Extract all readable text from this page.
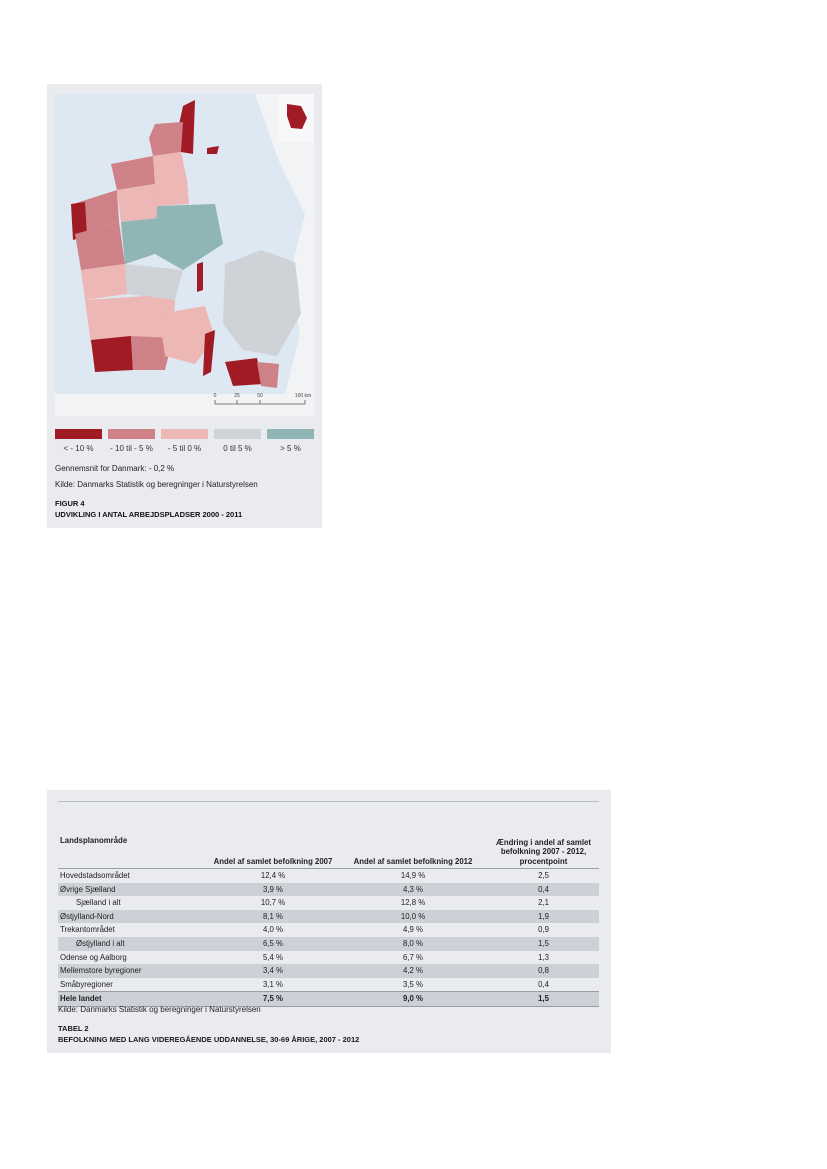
0	25	50	100 km
< - 10 %	- 10 til - 5 %	- 5 til 0 %	0 til 5 %	> 5 %
Gennemsnit for Danmark: - 0,2 %
Kilde: Danmarks Statistik og beregninger i Naturstyrelsen
FIGUR 4
UDVIKLING I ANTAL ARBEJDSPLADSER 2000 - 2011
Landsplanområde	Andel af samlet befolkning 2007	Andel af samlet befolkning 2012	Ændring i andel af samlet befolkning 2007 - 2012, procentpoint
Hovedstadsområdet	12,4 %	14,9 %	2,5
Øvrige Sjælland	3,9 %	4,3 %	0,4
Sjælland i alt	10,7 %	12,8 %	2,1
Østjylland-Nord	8,1 %	10,0 %	1,9
Trekantområdet	4,0 %	4,9 %	0,9
Østjylland i alt	6,5 %	8,0 %	1,5
Odense og Aalborg	5,4 %	6,7 %	1,3
Mellemstore byregioner	3,4 %	4,2 %	0,8
Småbyregioner	3,1 %	3,5 %	0,4
Hele landet	7,5 %	9,0 %	1,5
Kilde: Danmarks Statistik og beregninger i Naturstyrelsen
TABEL 2
BEFOLKNING MED LANG VIDEREGÅENDE UDDANNELSE, 30-69 ÅRIGE, 2007 - 2012
